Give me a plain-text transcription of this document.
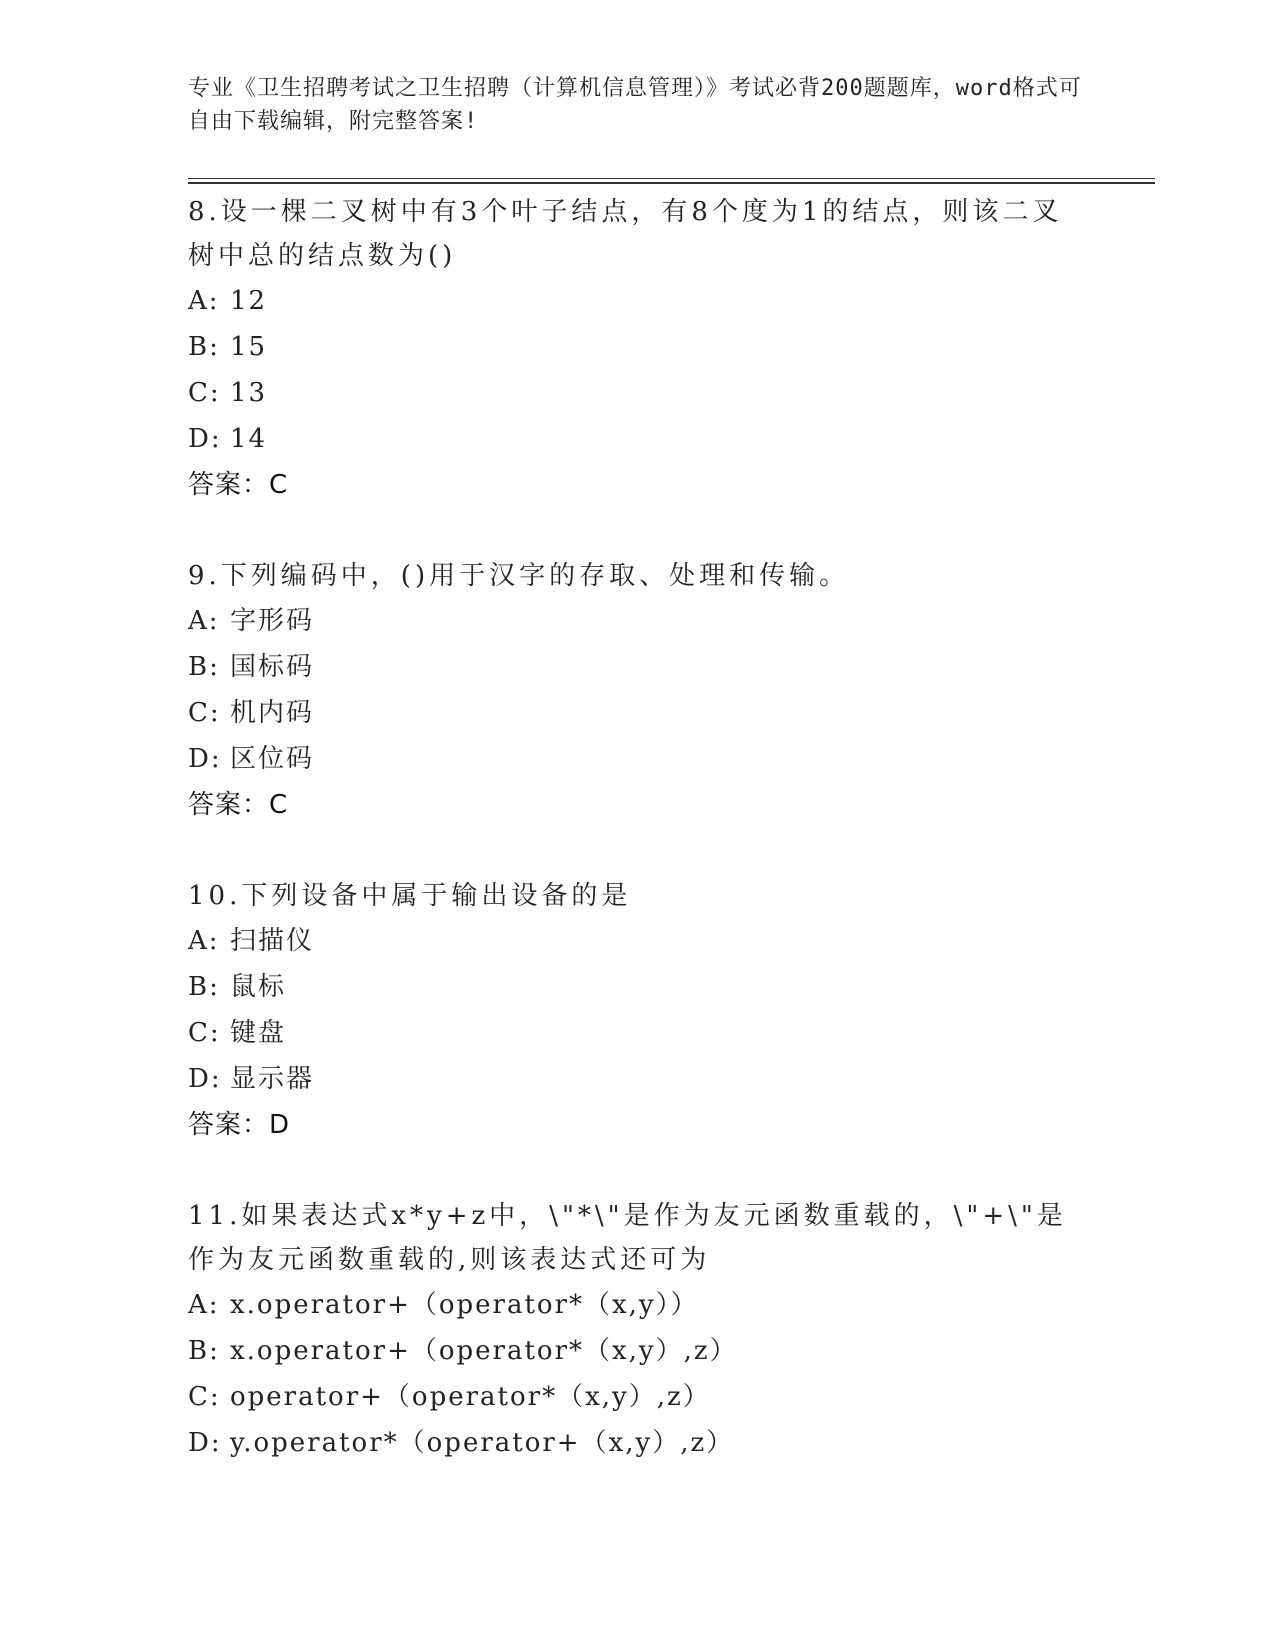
专业《卫生招聘考试之卫生招聘（计算机信息管理）》考试必背200题题库，word格式可自由下载编辑，附完整答案!
8.设一棵二叉树中有3个叶子结点，有8个度为1的结点，则该二叉树中总的结点数为()
A: 12
B: 15
C: 13
D: 14
答案：C
9.下列编码中，()用于汉字的存取、处理和传输。
A: 字形码
B: 国标码
C: 机内码
D: 区位码
答案：C
10.下列设备中属于输出设备的是
A: 扫描仪
B: 鼠标
C: 键盘
D: 显示器
答案：D
11.如果表达式x*y+z中，\"*\"是作为友元函数重载的，\"+\"是作为友元函数重载的,则该表达式还可为
A: x.operator+（operator*（x,y））
B: x.operator+（operator*（x,y）,z）
C: operator+（operator*（x,y）,z）
D: y.operator*（operator+（x,y）,z）
